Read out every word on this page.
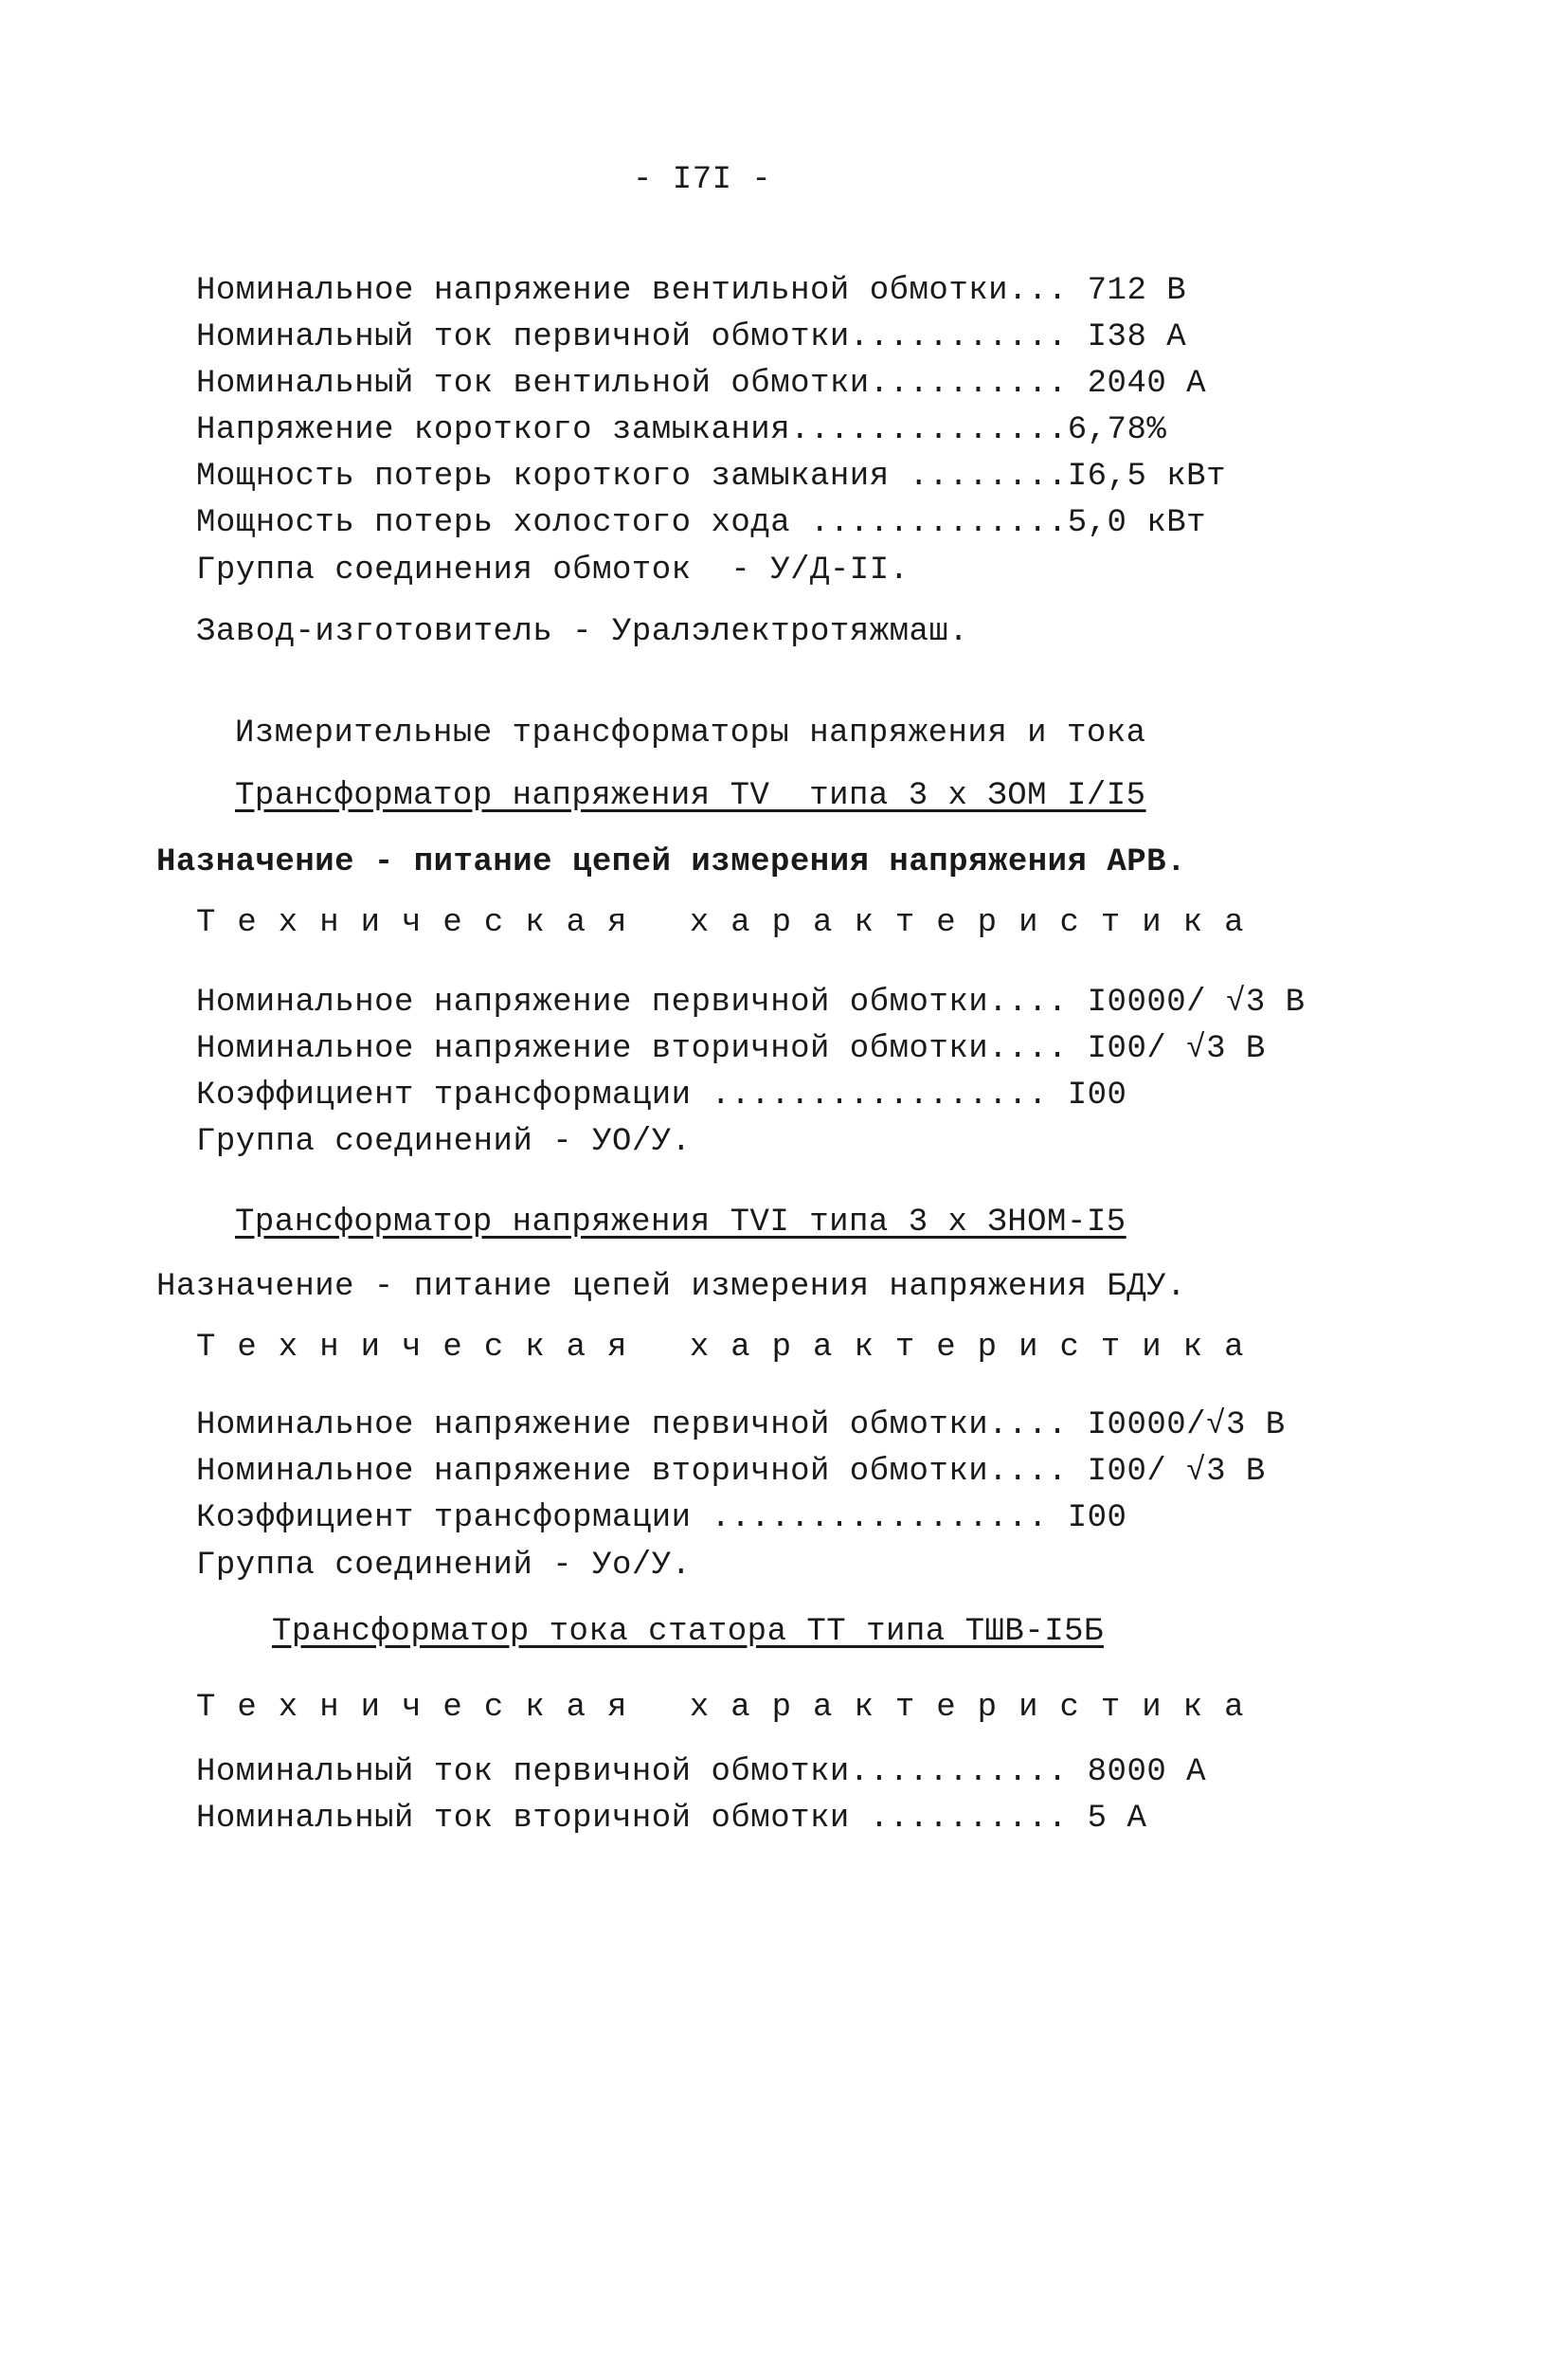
- I7I -
Номинальное напряжение вентильной обмотки... 712 В
Номинальный ток первичной обмотки........... I38 А
Номинальный ток вентильной обмотки.......... 2040 А
Напряжение короткого замыкания..............6,78%
Мощность потерь короткого замыкания ........I6,5 кВт
Мощность потерь холостого хода .............5,0 кВт
Группа соединения обмоток  - У/Д-II.
Завод-изготовитель - Уралэлектротяжмаш.
Измерительные трансформаторы напряжения и тока
Трансформатор напряжения TV  типа 3 х ЗОМ I/I5
Назначение - питание цепей измерения напряжения АРВ.
Техническая характеристика
Номинальное напряжение первичной обмотки.... I0000/ √3 В
Номинальное напряжение вторичной обмотки.... I00/ √3 В
Коэффициент трансформации ................. I00
Группа соединений - УО/У.
Трансформатор напряжения TVI типа 3 х ЗНОМ-I5
Назначение - питание цепей измерения напряжения БДУ.
Техническая характеристика
Номинальное напряжение первичной обмотки.... I0000/√3 В
Номинальное напряжение вторичной обмотки.... I00/ √3 В
Коэффициент трансформации ................. I00
Группа соединений - Уо/У.
Трансформатор тока статора ТТ типа ТШВ-I5Б
Техническая характеристика
Номинальный ток первичной обмотки........... 8000 А
Номинальный ток вторичной обмотки .......... 5 А
